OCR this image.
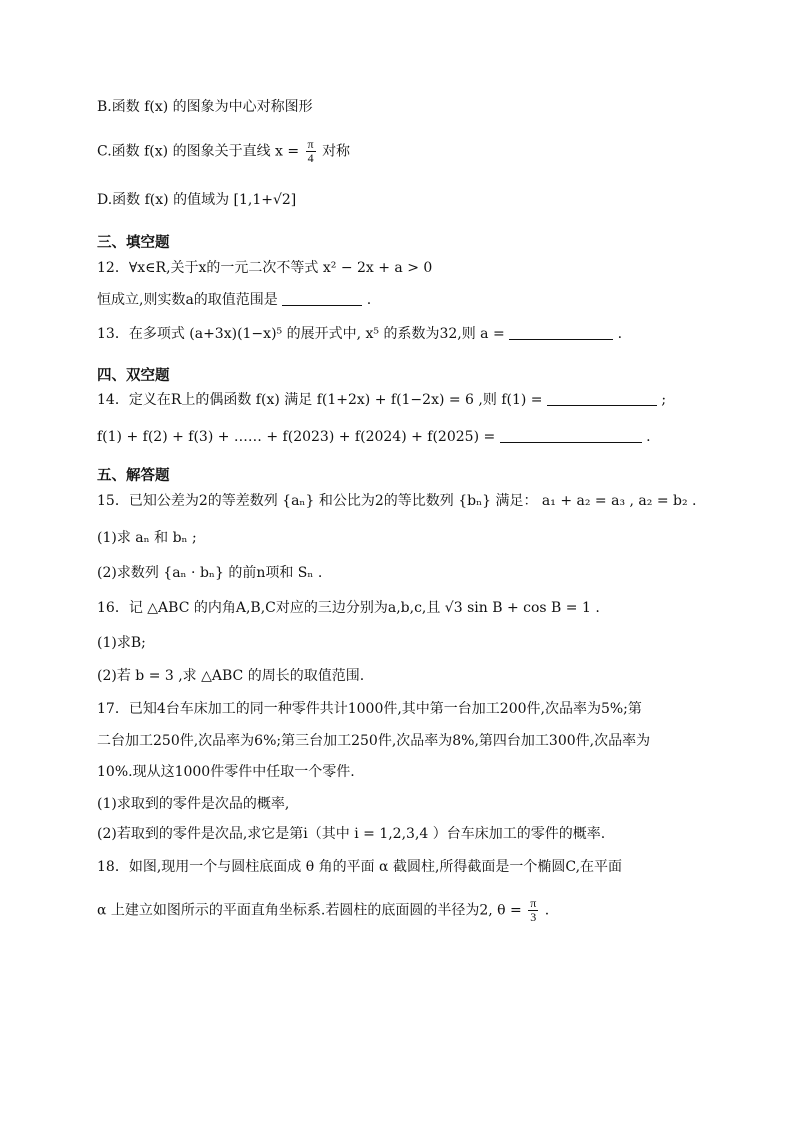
B.函数 f(x) 的图象为中心对称图形
C.函数 f(x) 的图象关于直线 $x = \frac{\pi}{4}$ 对称
D.函数 f(x) 的值域为 [1,1+√2]
三、填空题
12．∀x∈R,关于x的一元二次不等式 x² − 2x + a > 0
恒成立,则实数a的取值范围是	.
13．在多项式 (a+3x)(1−x)⁵ 的展开式中, x⁵ 的系数为32,则 a =	.
四、双空题
14．定义在R上的偶函数 f(x) 满足 f(1+2x) + f(1−2x) = 6 ,则 f(1) =	;
f(1) + f(2) + f(3) + …… + f(2023) + f(2024) + f(2025) =	.
五、解答题
15．已知公差为2的等差数列 {aₙ} 和公比为2的等比数列 {bₙ} 满足： a₁ + a₂ = a₃ , a₂ = b₂ .
(1)求 aₙ 和 bₙ ;
(2)求数列 {aₙ · bₙ} 的前n项和 Sₙ .
16．记 △ABC 的内角A,B,C对应的三边分别为a,b,c,且 √3 sin B + cos B = 1 .
(1)求B;
(2)若 b = 3 ,求 △ABC 的周长的取值范围.
17．已知4台车床加工的同一种零件共计1000件,其中第一台加工200件,次品率为5%;第
二台加工250件,次品率为6%;第三台加工250件,次品率为8%,第四台加工300件,次品率为
10%.现从这1000件零件中任取一个零件.
(1)求取到的零件是次品的概率,
(2)若取到的零件是次品,求它是第i（其中 i = 1,2,3,4 ）台车床加工的零件的概率.
18．如图,现用一个与圆柱底面成 θ 角的平面 α 截圆柱,所得截面是一个椭圆C,在平面
α 上建立如图所示的平面直角坐标系.若圆柱的底面圆的半径为2, $\theta = \frac{\pi}{3}$ .
